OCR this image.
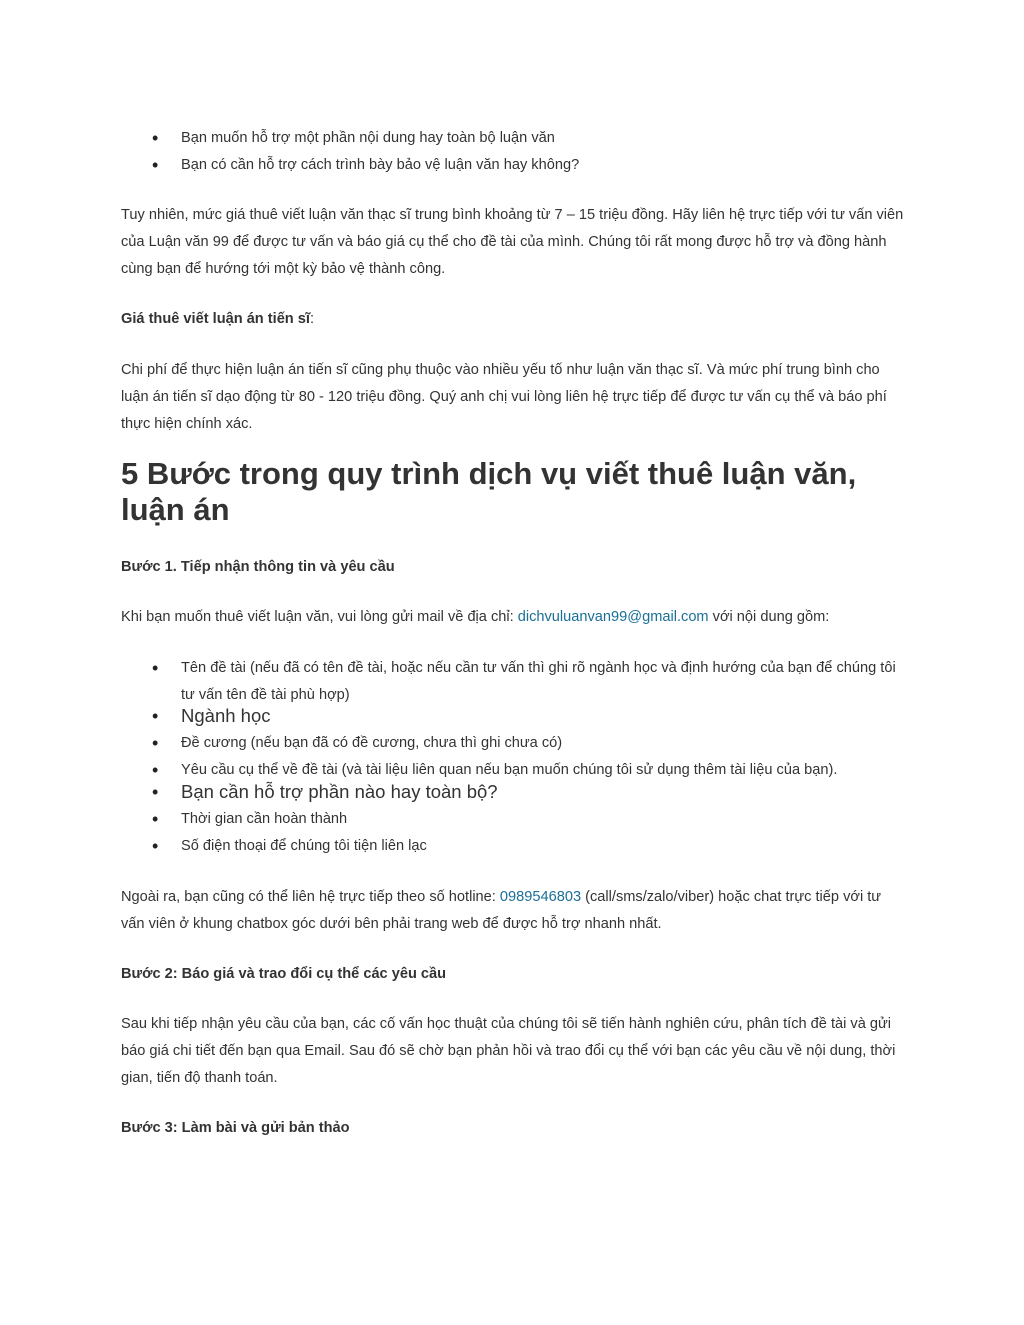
• Bạn muốn hỗ trợ một phần nội dung hay toàn bộ luận văn
• Bạn có cần hỗ trợ cách trình bày bảo vệ luận văn hay không?

Tuy nhiên, mức giá thuê viết luận văn thạc sĩ trung bình khoảng từ 7 – 15 triệu đồng. Hãy liên hệ trực tiếp với tư vấn viên của Luận văn 99 để được tư vấn và báo giá cụ thể cho đề tài của mình. Chúng tôi rất mong được hỗ trợ và đồng hành cùng bạn để hướng tới một kỳ bảo vệ thành công.

Giá thuê viết luận án tiến sĩ:

Chi phí để thực hiện luận án tiến sĩ cũng phụ thuộc vào nhiều yếu tố như luận văn thạc sĩ. Và mức phí trung bình cho luận án tiến sĩ dạo động từ 80 - 120 triệu đồng. Quý anh chị vui lòng liên hệ trực tiếp để được tư vấn cụ thể và báo phí thực hiện chính xác.

5 Bước trong quy trình dịch vụ viết thuê luận văn, luận án

Bước 1. Tiếp nhận thông tin và yêu cầu

Khi bạn muốn thuê viết luận văn, vui lòng gửi mail về địa chỉ: dichvuluanvan99@gmail.com với nội dung gồm:

• Tên đề tài (nếu đã có tên đề tài, hoặc nếu cần tư vấn thì ghi rõ ngành học và định hướng của bạn để chúng tôi tư vấn tên đề tài phù hợp)
• Ngành học
• Đề cương (nếu bạn đã có đề cương, chưa thì ghi chưa có)
• Yêu cầu cụ thể về đề tài (và tài liệu liên quan nếu bạn muốn chúng tôi sử dụng thêm tài liệu của bạn).
• Bạn cần hỗ trợ phần nào hay toàn bộ?
• Thời gian cần hoàn thành
• Số điện thoại để chúng tôi tiện liên lạc

Ngoài ra, bạn cũng có thể liên hệ trực tiếp theo số hotline: 0989546803 (call/sms/zalo/viber) hoặc chat trực tiếp với tư vấn viên ở khung chatbox góc dưới bên phải trang web để được hỗ trợ nhanh nhất.

Bước 2: Báo giá và trao đổi cụ thể các yêu cầu

Sau khi tiếp nhận yêu cầu của bạn, các cố vấn học thuật của chúng tôi sẽ tiến hành nghiên cứu, phân tích đề tài và gửi báo giá chi tiết đến bạn qua Email. Sau đó sẽ chờ bạn phản hồi và trao đổi cụ thể với bạn các yêu cầu về nội dung, thời gian, tiến độ thanh toán.

Bước 3: Làm bài và gửi bản thảo
